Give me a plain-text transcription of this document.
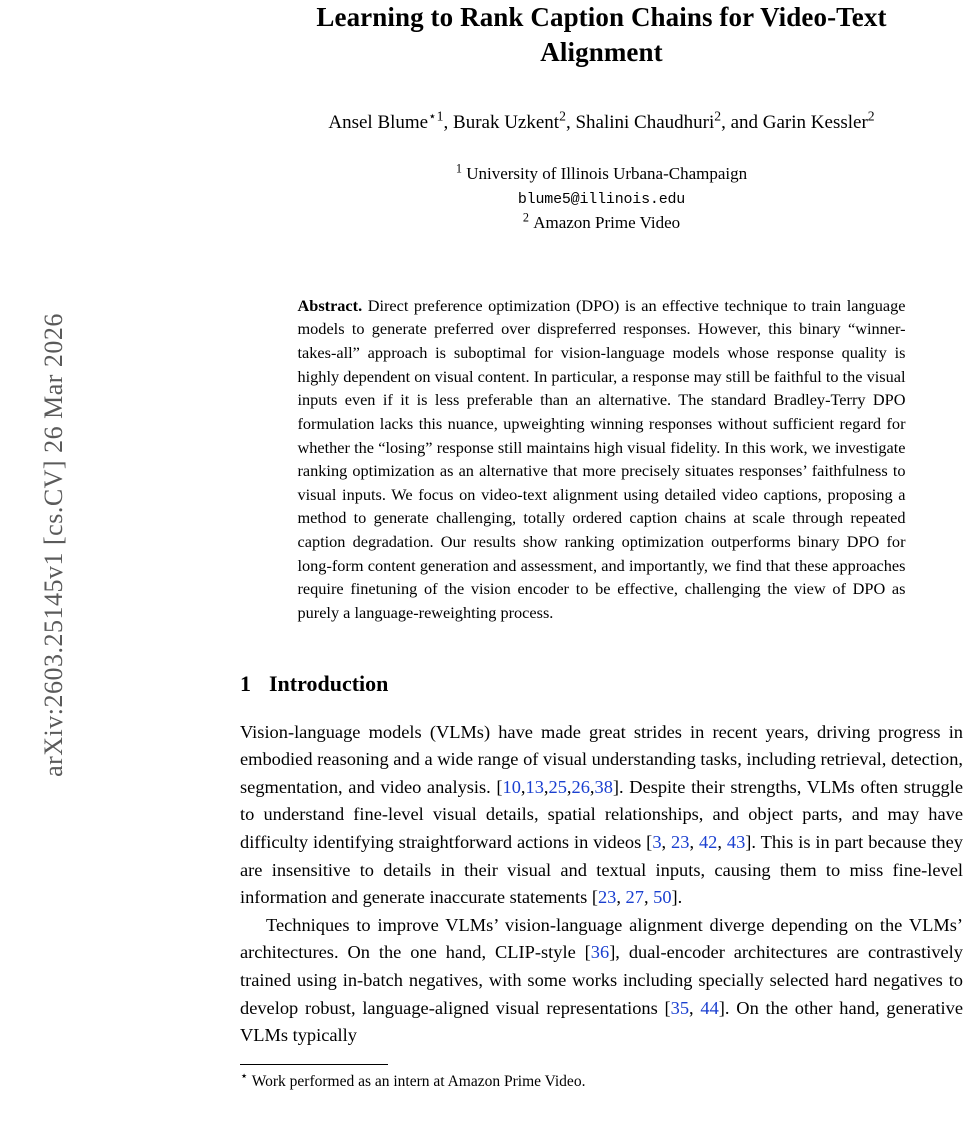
arXiv:2603.25145v1 [cs.CV] 26 Mar 2026
Learning to Rank Caption Chains for Video-Text
Alignment
Ansel Blume$^{⋆1}$, Burak Uzkent$^2$, Shalini Chaudhuri$^2$, and Garin Kessler$^2$
$^1$ University of Illinois Urbana-Champaign
blume5@illinois.edu
$^2$ Amazon Prime Video
Abstract. Direct preference optimization (DPO) is an effective technique to train language models to generate preferred over dispreferred responses. However, this binary “winner-takes-all” approach is suboptimal for vision-language models whose response quality is highly dependent on visual content. In particular, a response may still be faithful to the visual inputs even if it is less preferable than an alternative. The standard Bradley-Terry DPO formulation lacks this nuance, upweighting winning responses without sufficient regard for whether the “losing” response still maintains high visual fidelity. In this work, we investigate ranking optimization as an alternative that more precisely situates responses’ faithfulness to visual inputs. We focus on video-text alignment using detailed video captions, proposing a method to generate challenging, totally ordered caption chains at scale through repeated caption degradation. Our results show ranking optimization outperforms binary DPO for long-form content generation and assessment, and importantly, we find that these approaches require finetuning of the vision encoder to be effective, challenging the view of DPO as purely a language-reweighting process.
1 Introduction

Vision-language models (VLMs) have made great strides in recent years, driving progress in embodied reasoning and a wide range of visual understanding tasks, including retrieval, detection, segmentation, and video analysis. [10,13,25,26,38]. Despite their strengths, VLMs often struggle to understand fine-level visual details, spatial relationships, and object parts, and may have difficulty identifying straightforward actions in videos [3, 23, 42, 43]. This is in part because they are insensitive to details in their visual and textual inputs, causing them to miss fine-level information and generate inaccurate statements [23, 27, 50].

Techniques to improve VLMs’ vision-language alignment diverge depending on the VLMs’ architectures. On the one hand, CLIP-style [36], dual-encoder architectures are contrastively trained using in-batch negatives, with some works including specially selected hard negatives to develop robust, language-aligned visual representations [35, 44]. On the other hand, generative VLMs typically

⋆ Work performed as an intern at Amazon Prime Video.
